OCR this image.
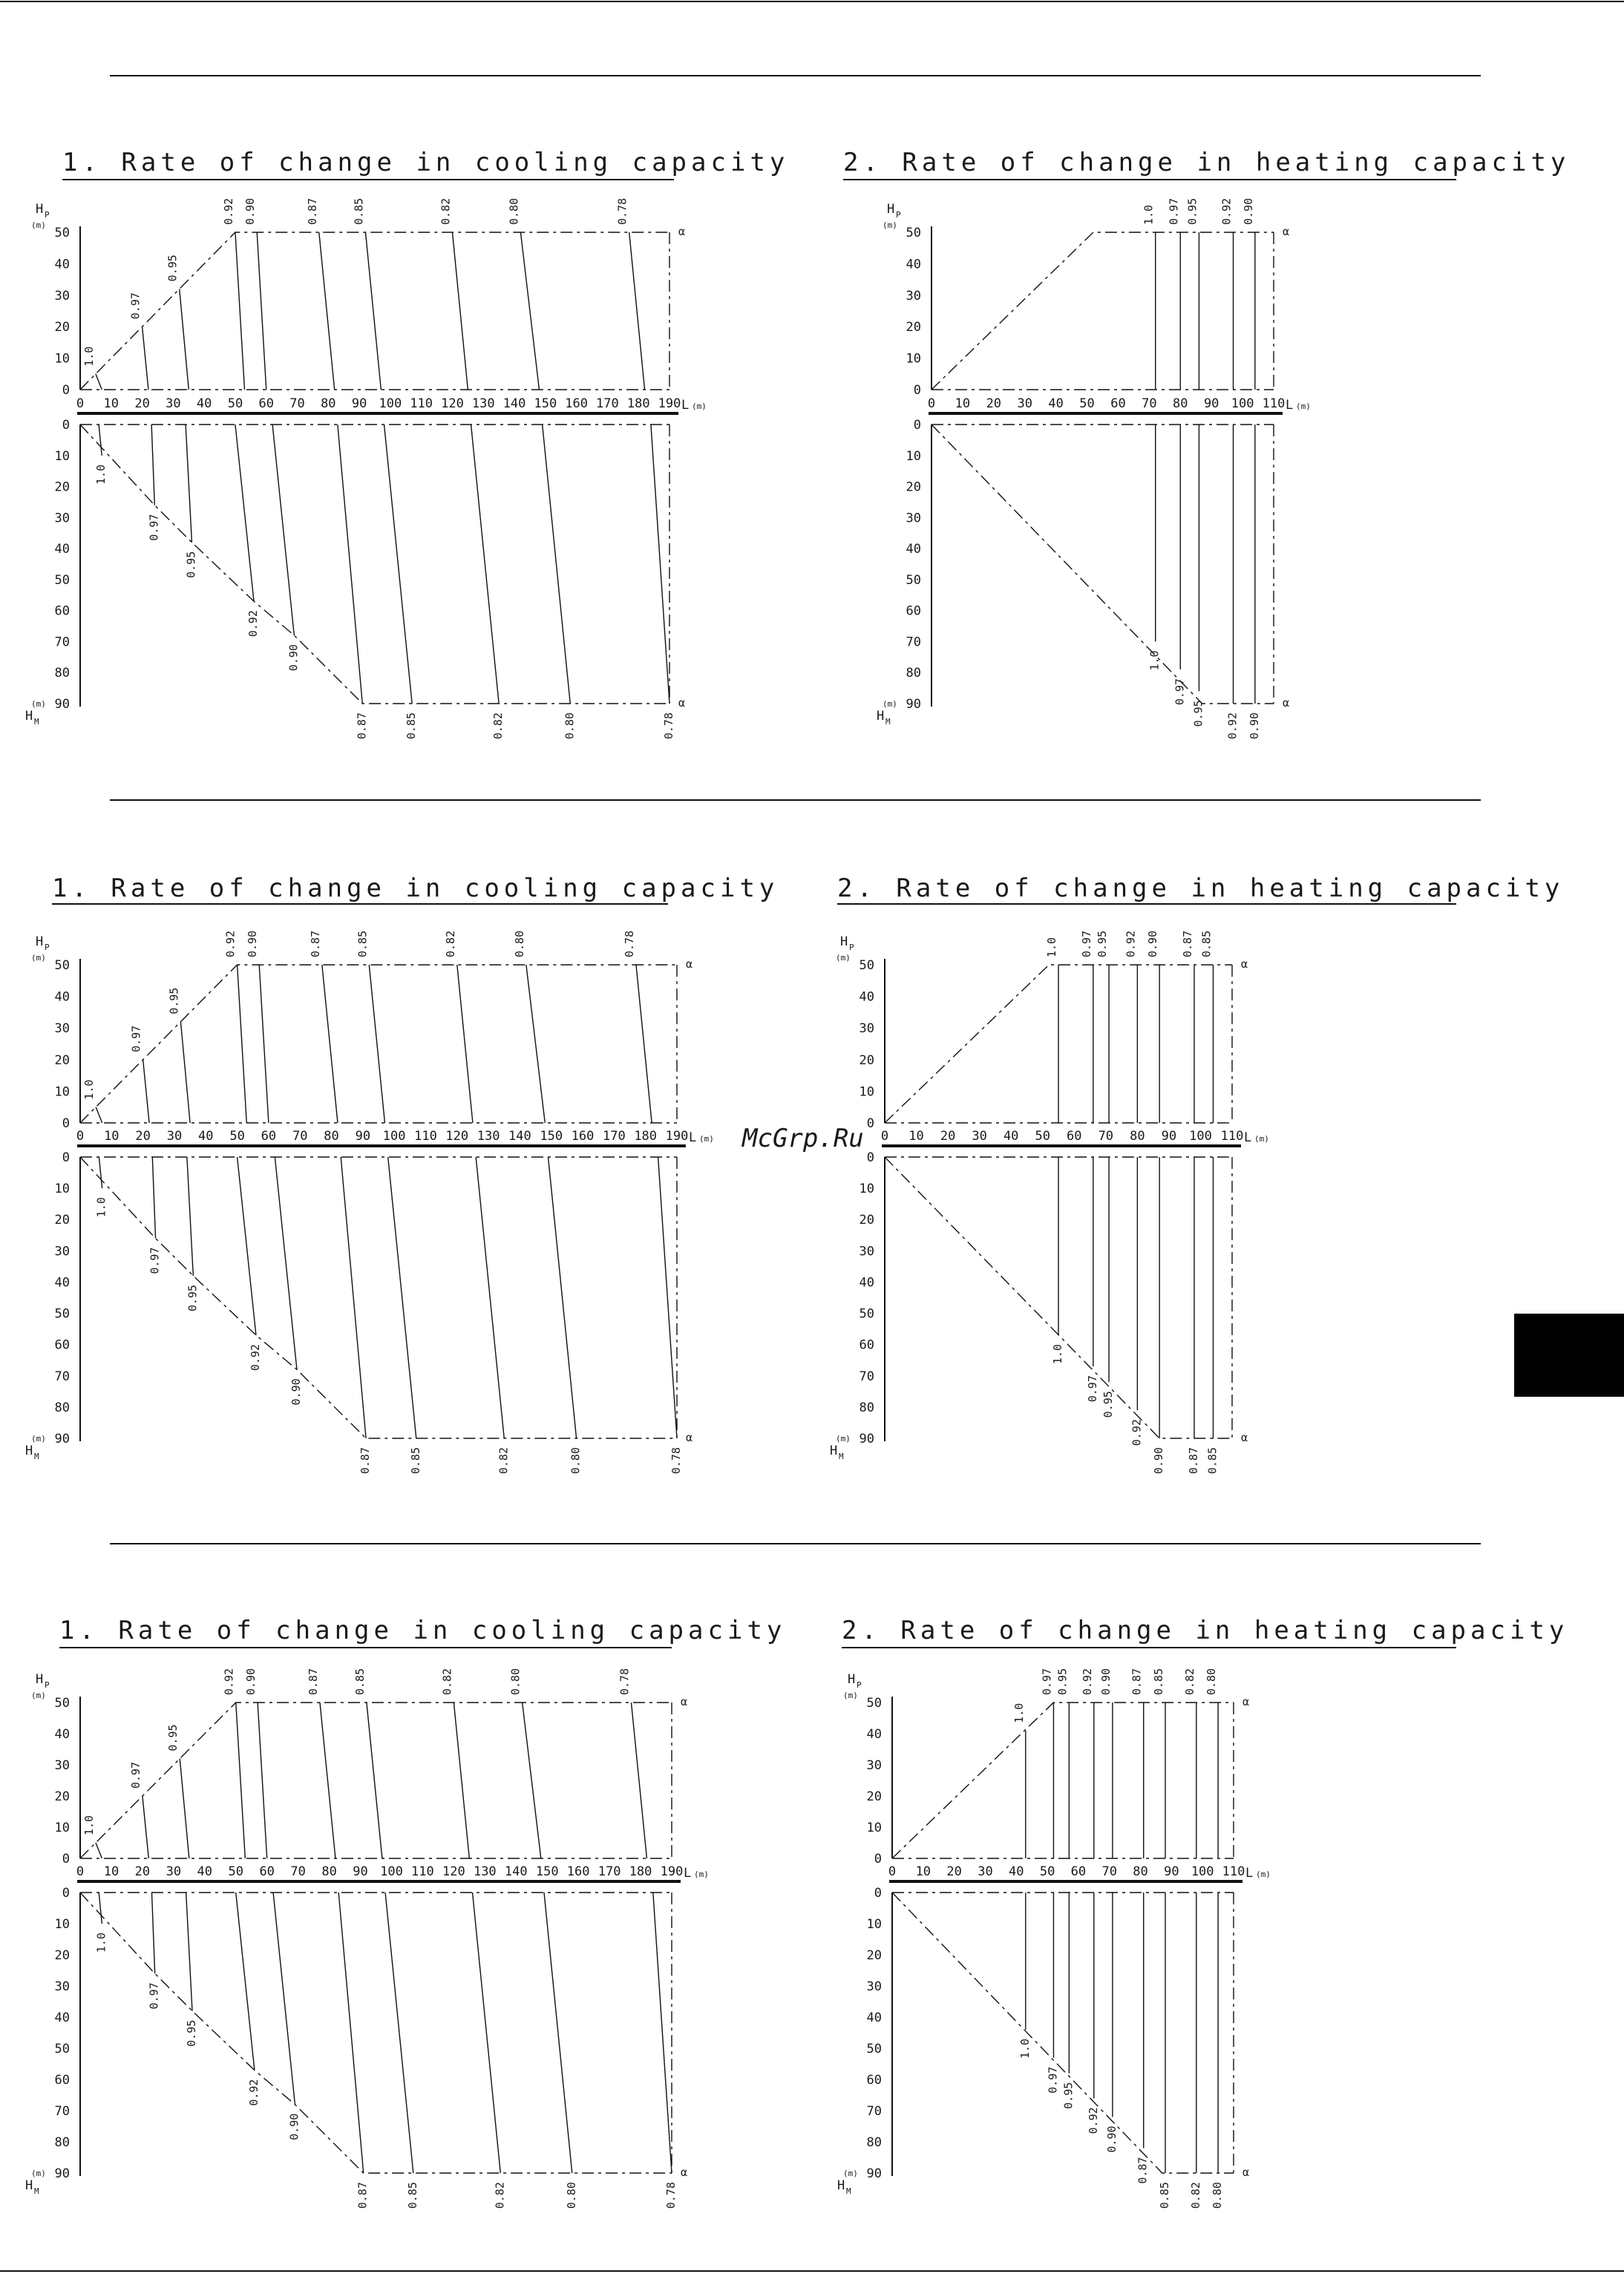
McGrp.Ru
1. Rate of change in cooling capacity
0
10
20
30
40
50
0
10
20
30
40
50
60
70
80
90
0 10 20 30 40 50 60 70 80 90 100 110 120 130 140 150 160 170 180 190
H P
(m)
(m)
H M
L (m)
α
α
1.0
0.97
0.95
0.92 0.90	0.87	0.85	0.82	0.80	0.78
1.0
0.97
0.95
0.92
0.90
0.87	0.85	0.82	0.80	0.78
2. Rate of change in heating capacity
0
10
20
30
40
50
0
10
20
30
40
50
60
70
80
90
0 10 20 30 40 50 60 70 80 90 100 110
H P
(m)
(m)
H M
L (m)
α
α
1.0 0.97 0.95 0.92 0.90
1.0
0.97
0.95 0.92 0.90
1. Rate of change in cooling capacity
0
10
20
30
40
50
0
10
20
30
40
50
60
70
80
90
0 10 20 30 40 50 60 70 80 90 100 110 120 130 140 150 160 170 180 190
H P
(m)
(m)
H M
L (m)
α
α
1.0
0.97
0.95
0.92 0.90	0.87	0.85	0.82	0.80	0.78
1.0
0.97
0.95
0.92
0.90
0.87	0.85	0.82	0.80	0.78
2. Rate of change in heating capacity
0
10
20
30
40
50
0
10
20
30
40
50
60
70
80
90
0 10 20 30 40 50 60 70 80 90 100 110
H P
(m)
(m)
H M
L (m)
α
α
1.0 0.97 0.95 0.92 0.90 0.87 0.85
1.0
0.97
0.95
0.92
0.90 0.87 0.85
1. Rate of change in cooling capacity
0
10
20
30
40
50
0
10
20
30
40
50
60
70
80
90
0 10 20 30 40 50 60 70 80 90 100 110 120 130 140 150 160 170 180 190
H P
(m)
(m)
H M
L (m)
α
α
1.0
0.97
0.95
0.92 0.90	0.87	0.85	0.82	0.80	0.78
1.0
0.97
0.95
0.92
0.90
0.87	0.85	0.82	0.80	0.78
2. Rate of change in heating capacity
0
10
20
30
40
50
0
10
20
30
40
50
60
70
80
90
0 10 20 30 40 50 60 70 80 90 100 110
H P
(m)
(m)
H M
L (m)
α
α
1.0
0.97 0.95 0.92 0.90 0.87 0.85 0.82 0.80
1.0
0.97
0.95
0.92
0.90
0.87
0.85 0.82 0.80
